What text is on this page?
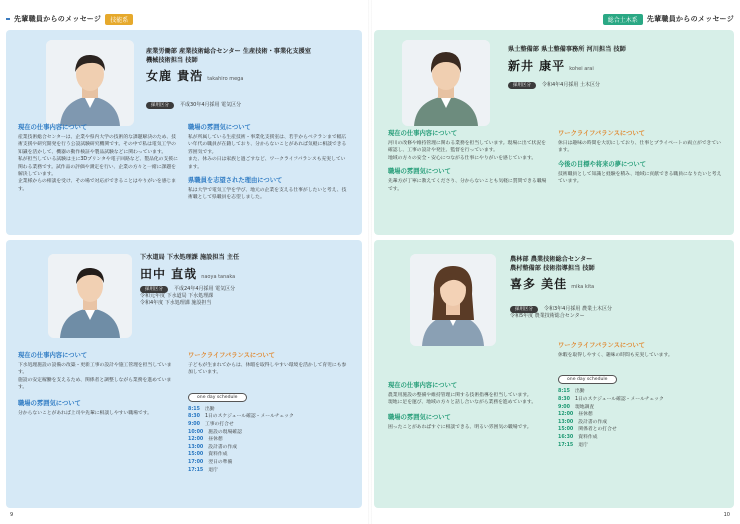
先輩職員からのメッセージ	技能系
産業労働部 産業技術総合センター 生産技術・事業化支援室
機械技術担当 技師
女鹿 貴浩 takahiro mega
採用区分 平成30年4月採用 電気区分
現在の仕事内容について
産業技術総合センターは、企業や県内大学の技術的な課題解決のため、技術支援や研究開発を行う公設試験研究機関です。その中で私は電気工学の知識を活かして、機器の動作検証や製品試験などに関わっています。
私が担当している試験は主に3Dプリンタや電子回路など、製品化の支援に関わる業務です。試作品の評価や測定を行い、企業の方々と一緒に課題を解決しています。
企業様からの相談を受け、その場で対応ができることはやりがいを感じます。
職場の雰囲気について
私が所属している生産技術・事業化支援室は、若手からベテランまで幅広い年代の職員が在籍しており、分からないことがあれば気軽に相談できる雰囲気です。
また、休みの日は家族と過ごすなど、ワークライフバランスも充実しています。
県職員を志望された理由について
私は大学で電気工学を学び、地元の企業を支える仕事がしたいと考え、技術職として県職員を志望しました。
下水道局 下水処理課 施設担当 主任
田中 直哉 naoya tanaka
採用区分 平成24年4月採用 電気区分
令和元年度 下水道局 下水処理課
令和4年度 下水処理課 施設担当
現在の仕事内容について
下水処理施設の設備の改築・更新工事の設計や施工管理を担当しています。
施設の安定稼働を支えるため、関係者と調整しながら業務を進めています。
職場の雰囲気について
分からないことがあれば上司や先輩に相談しやすい職場です。
ワークライフバランスについて
子どもが生まれてからは、休暇を取得しやすい環境を活かして育児にも参加しています。
one day schedule
8:15 出勤
8:30 1日のスケジュール確認・メールチェック
9:00 工事の打合せ
10:00 施設の現場確認
12:00 昼休憩
13:00 設計書の作成
15:00 資料作成
17:00 翌日の準備
17:15 退庁
9
総合土木系	先輩職員からのメッセージ
県土整備部 県土整備事務所 河川担当 技師
新井 康平 kohei arai
採用区分 令和4年4月採用 土木区分
現在の仕事内容について
河川の改修や維持管理に関わる業務を担当しています。現場に出て状況を確認し、工事の設計や発注、監督を行っています。
地域の方々の安全・安心につながる仕事にやりがいを感じています。
職場の雰囲気について
先輩方が丁寧に教えてくださり、分からないことも気軽に質問できる職場です。
ワークライフバランスについて
休日は趣味の時間を大切にしており、仕事とプライベートの両立ができています。
今後の目標や将来の夢について
技術職員として知識と経験を積み、地域に貢献できる職員になりたいと考えています。
農林部 農業技術総合センター
農村整備部 技術指導担当 技師
喜多 美佳 mika kita
採用区分 令和3年4月採用 農業土木区分
令和5年度 農業技術総合センター
現在の仕事内容について
農業用施設の整備や維持管理に関する技術指導を担当しています。
現地に足を運び、地域の方々と話し合いながら業務を進めています。
職場の雰囲気について
困ったことがあればすぐに相談できる、明るい雰囲気の職場です。
ワークライフバランスについて
休暇を取得しやすく、趣味の時間も充実しています。
one day schedule
8:15 出勤
8:30 1日のスケジュール確認・メールチェック
9:00 現地調査
12:00 昼休憩
13:00 設計書の作成
15:00 関係者との打合せ
16:30 資料作成
17:15 退庁
10
